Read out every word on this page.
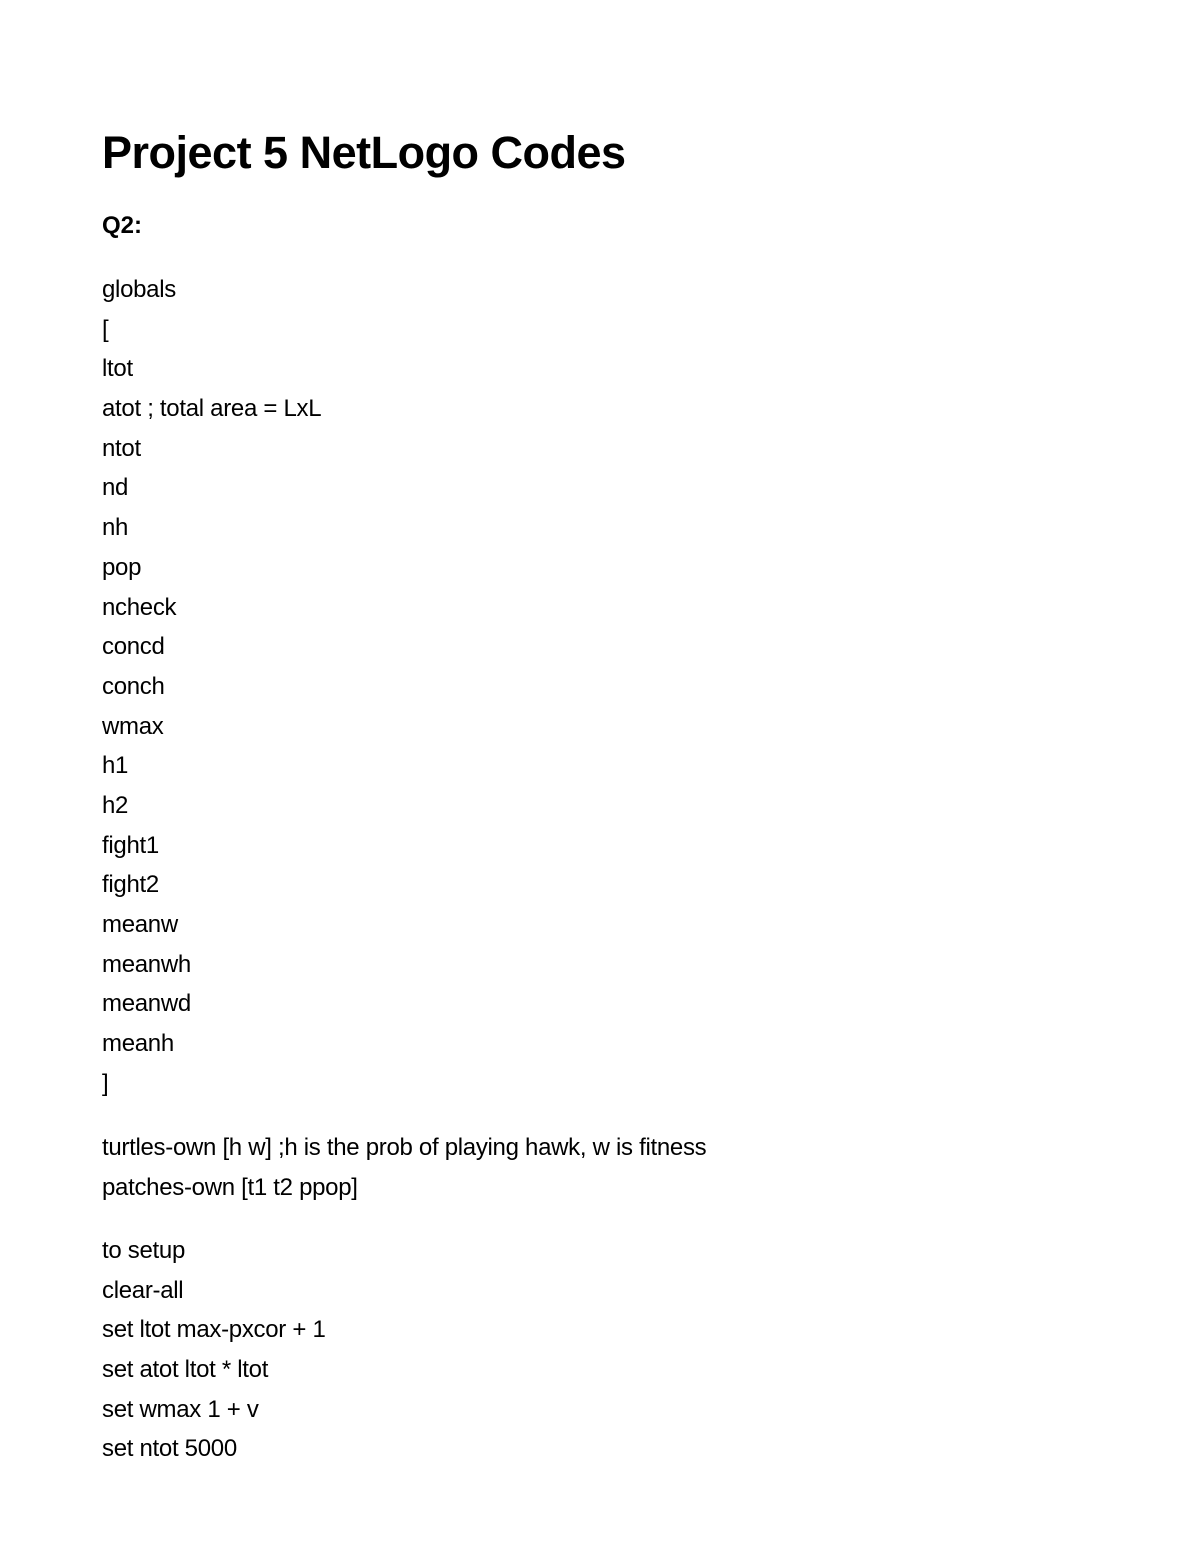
Project 5 NetLogo Codes
Q2:
globals
[
ltot
atot ; total area = LxL
ntot
nd
nh
pop
ncheck
concd
conch
wmax
h1
h2
fight1
fight2
meanw
meanwh
meanwd
meanh
]
turtles-own [h w] ;h is the prob of playing hawk, w is fitness
patches-own [t1 t2 ppop]
to setup
clear-all
set ltot max-pxcor + 1
set atot ltot * ltot
set wmax 1 + v
set ntot 5000
